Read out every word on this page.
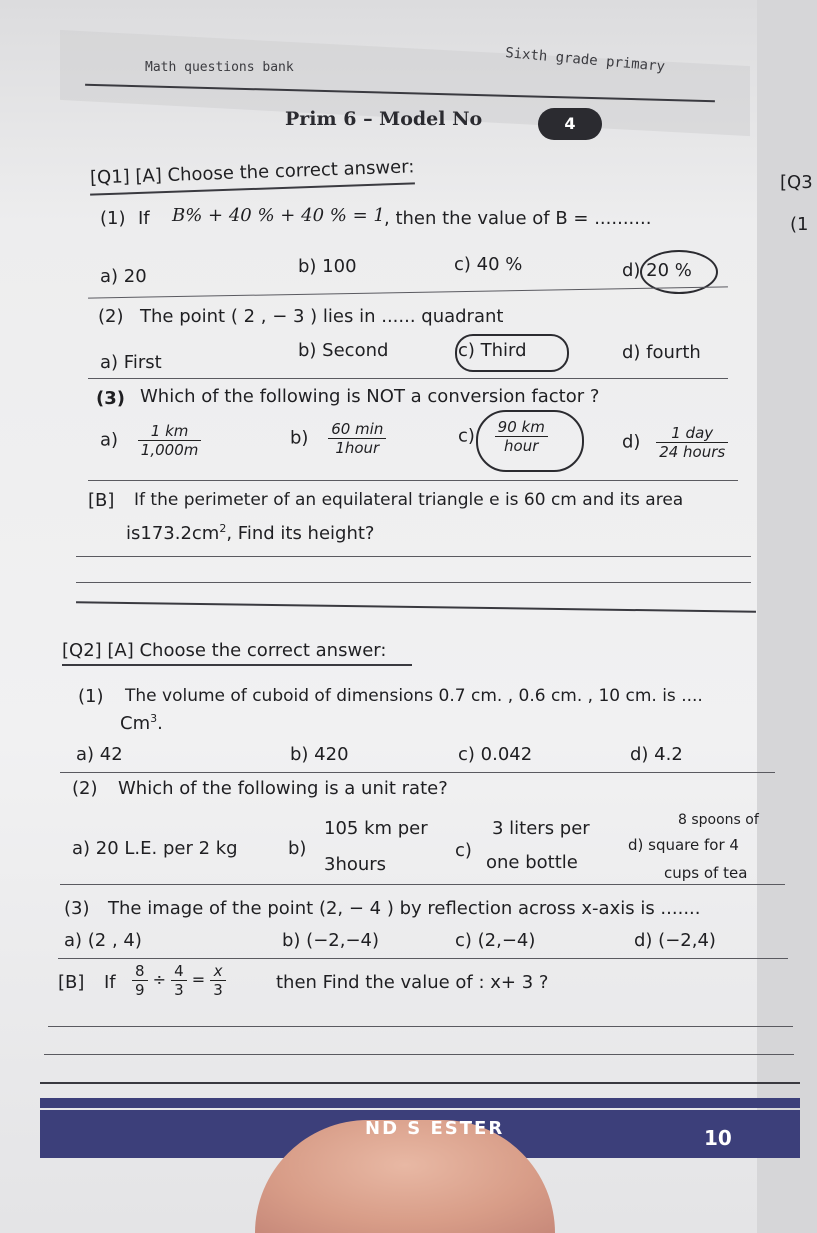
Math questions bank	Sixth grade primary
Prim 6 – Model No	4
[Q1] [A] Choose the correct answer:	[Q3
(1
(1) If B% + 40 % + 40 % = 1 , then the value of B = ..........
a) 20	b) 100	c) 40 %	d) 20 %
(2) The point ( 2 , − 3 ) lies in ...... quadrant
a) First
b) Second	c) Third	d) fourth
(3) Which of the following is NOT a conversion factor ?
$a) \frac{1 km}{1,000m}$	$b) \frac{60 \min}{\text{1hour}}$	$c) \frac{90 km}{\text{hour}}$	$d) \frac{\text{1 day}}{\text{24 hours}}$
[B] If the perimeter of an equilateral triangle e is 60 cm and its area
$is173.2cm^2$, Find its height?
[Q2] [A] Choose the correct answer:
(1) The volume of cuboid of dimensions 0.7 cm. , 0.6 cm. , 10 cm. is ....
Cm$^3$.
a) 42	b) 420	c) 0.042	d) 4.2
(2) Which of the following is a unit rate?
a) 20 L.E. per 2 kg	b)
105 km per
3hours
c)
3 liters per
one bottle
8 spoons of
d) square for 4
cups of tea
(3) The image of the point (2, − 4 ) by reflection across x-axis is .......
a) (2 , 4)	b) (−2,−4)	c) (2,−4)	d) (−2,4)
[B] If $\frac{8}{9} \div \frac{4}{3} = \frac{x}{3}$	then Find the value of : x+ 3 ?
ND S ESTER	10
